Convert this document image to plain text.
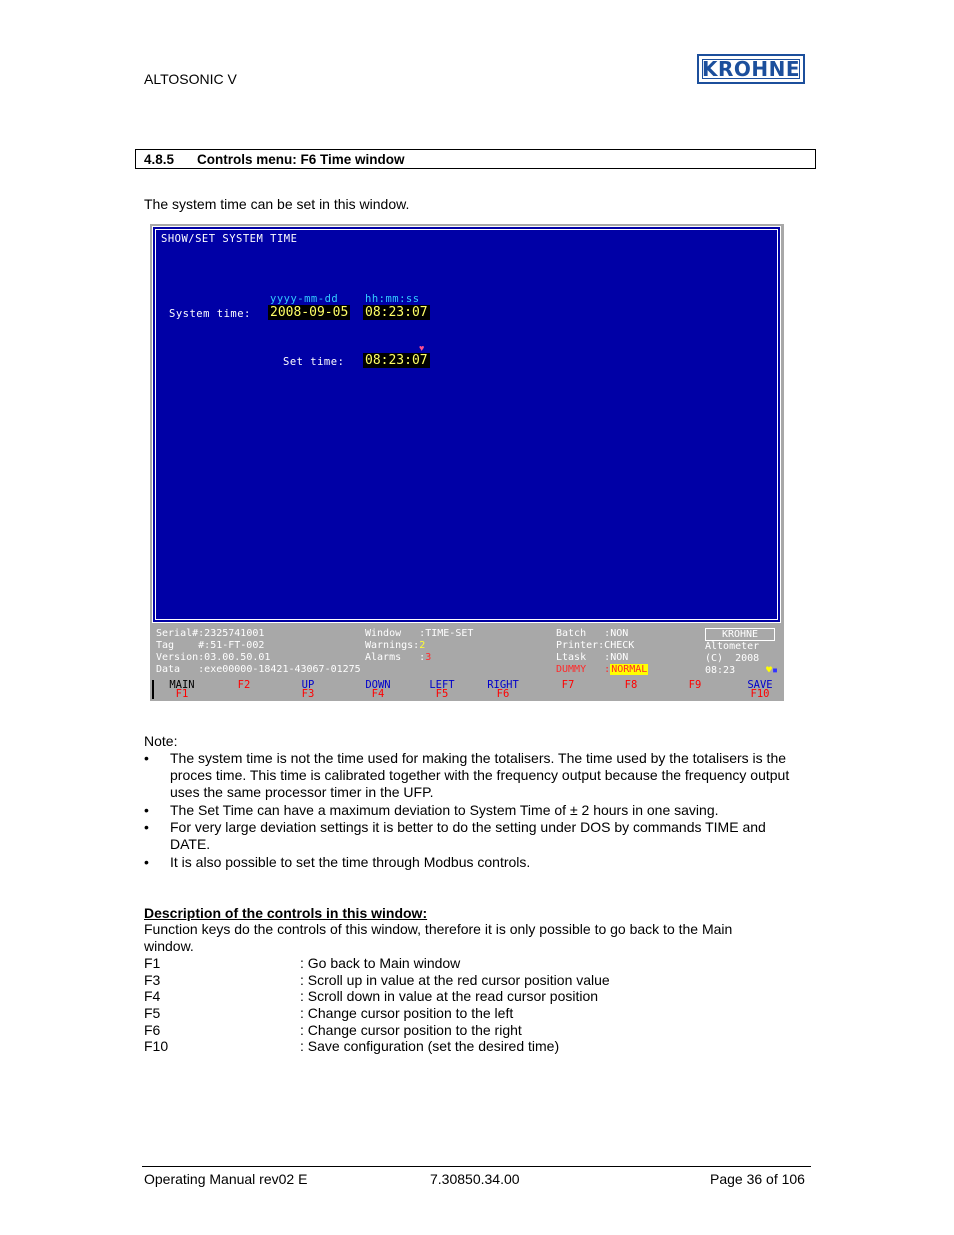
ALTOSONIC V	KROHNE
4.8.5 Controls menu: F6 Time window
The system time can be set in this window.
SHOW/SET SYSTEM TIME
yyyy-mm-dd	hh:mm:ss
System time: 2008-09-05 08:23:07
♥
Set time: 08:23:07
Serial#:2325741001
Tag    #:51-FT-002
Version:03.00.50.01
Data   :exe00000-18421-43067-01275
Window   :TIME-SET
Warnings:2
Alarms   :3
Batch   :NON
Printer:CHECK
Ltask   :NON
DUMMY   :NORMAL
KROHNE
Altometer
(C)  2008
08:23	♥▪
MAIN
F1
F2	UP
F3
DOWN
F4
LEFT
F5
RIGHT
F6
F7	F8	F9	SAVE
F10
Note:
• The system time is not the time used for making the totalisers. The time used by the totalisers is the proces time. This time is calibrated together with the frequency output because the frequency output uses the same processor timer in the UFP.
• The Set Time can have a maximum deviation to System Time of ± 2 hours in one saving.
• For very large deviation settings it is better to do the setting under DOS by commands TIME and DATE.
• It is also possible to set the time through Modbus controls.
Description of the controls in this window:
Function keys do the controls of this window, therefore it is only possible to go back to the Main window.
F1	: Go back to Main window
F3	: Scroll up in value at the red cursor position value
F4	: Scroll down in value at the read cursor position
F5	: Change cursor position to the left
F6	: Change cursor position to the right
F10	: Save configuration (set the desired time)
Operating Manual rev02 E	7.30850.34.00	Page 36 of 106
